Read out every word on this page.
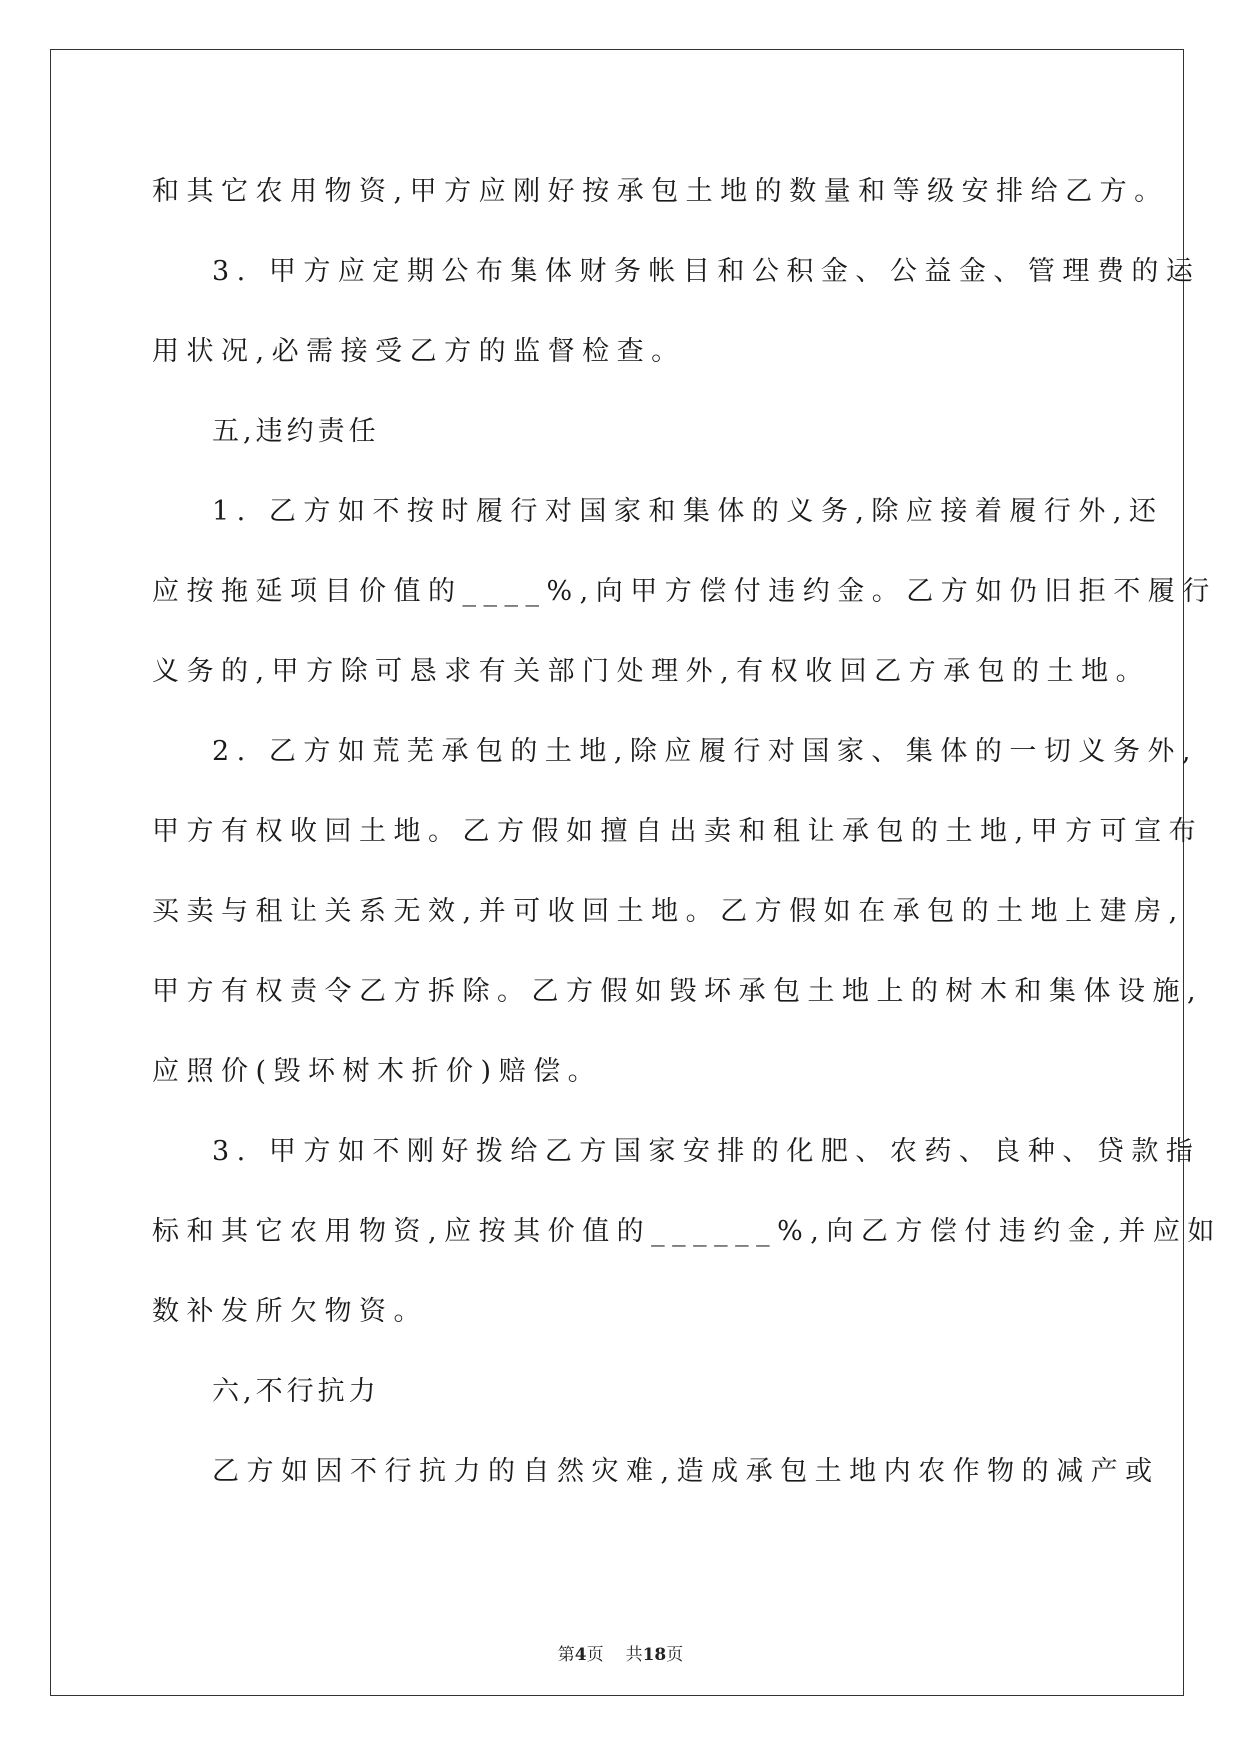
和其它农用物资,甲方应刚好按承包土地的数量和等级安排给乙方。
3. 甲方应定期公布集体财务帐目和公积金、公益金、管理费的运
用状况,必需接受乙方的监督检查。
五,违约责任
1. 乙方如不按时履行对国家和集体的义务,除应接着履行外,还
应按拖延项目价值的____%,向甲方偿付违约金。乙方如仍旧拒不履行
义务的,甲方除可恳求有关部门处理外,有权收回乙方承包的土地。
2. 乙方如荒芜承包的土地,除应履行对国家、集体的一切义务外,
甲方有权收回土地。乙方假如擅自出卖和租让承包的土地,甲方可宣布
买卖与租让关系无效,并可收回土地。乙方假如在承包的土地上建房,
甲方有权责令乙方拆除。乙方假如毁坏承包土地上的树木和集体设施,
应照价(毁坏树木折价)赔偿。
3. 甲方如不刚好拨给乙方国家安排的化肥、农药、良种、贷款指
标和其它农用物资,应按其价值的______%,向乙方偿付违约金,并应如
数补发所欠物资。
六,不行抗力
乙方如因不行抗力的自然灾难,造成承包土地内农作物的减产或
第4页 共18页
